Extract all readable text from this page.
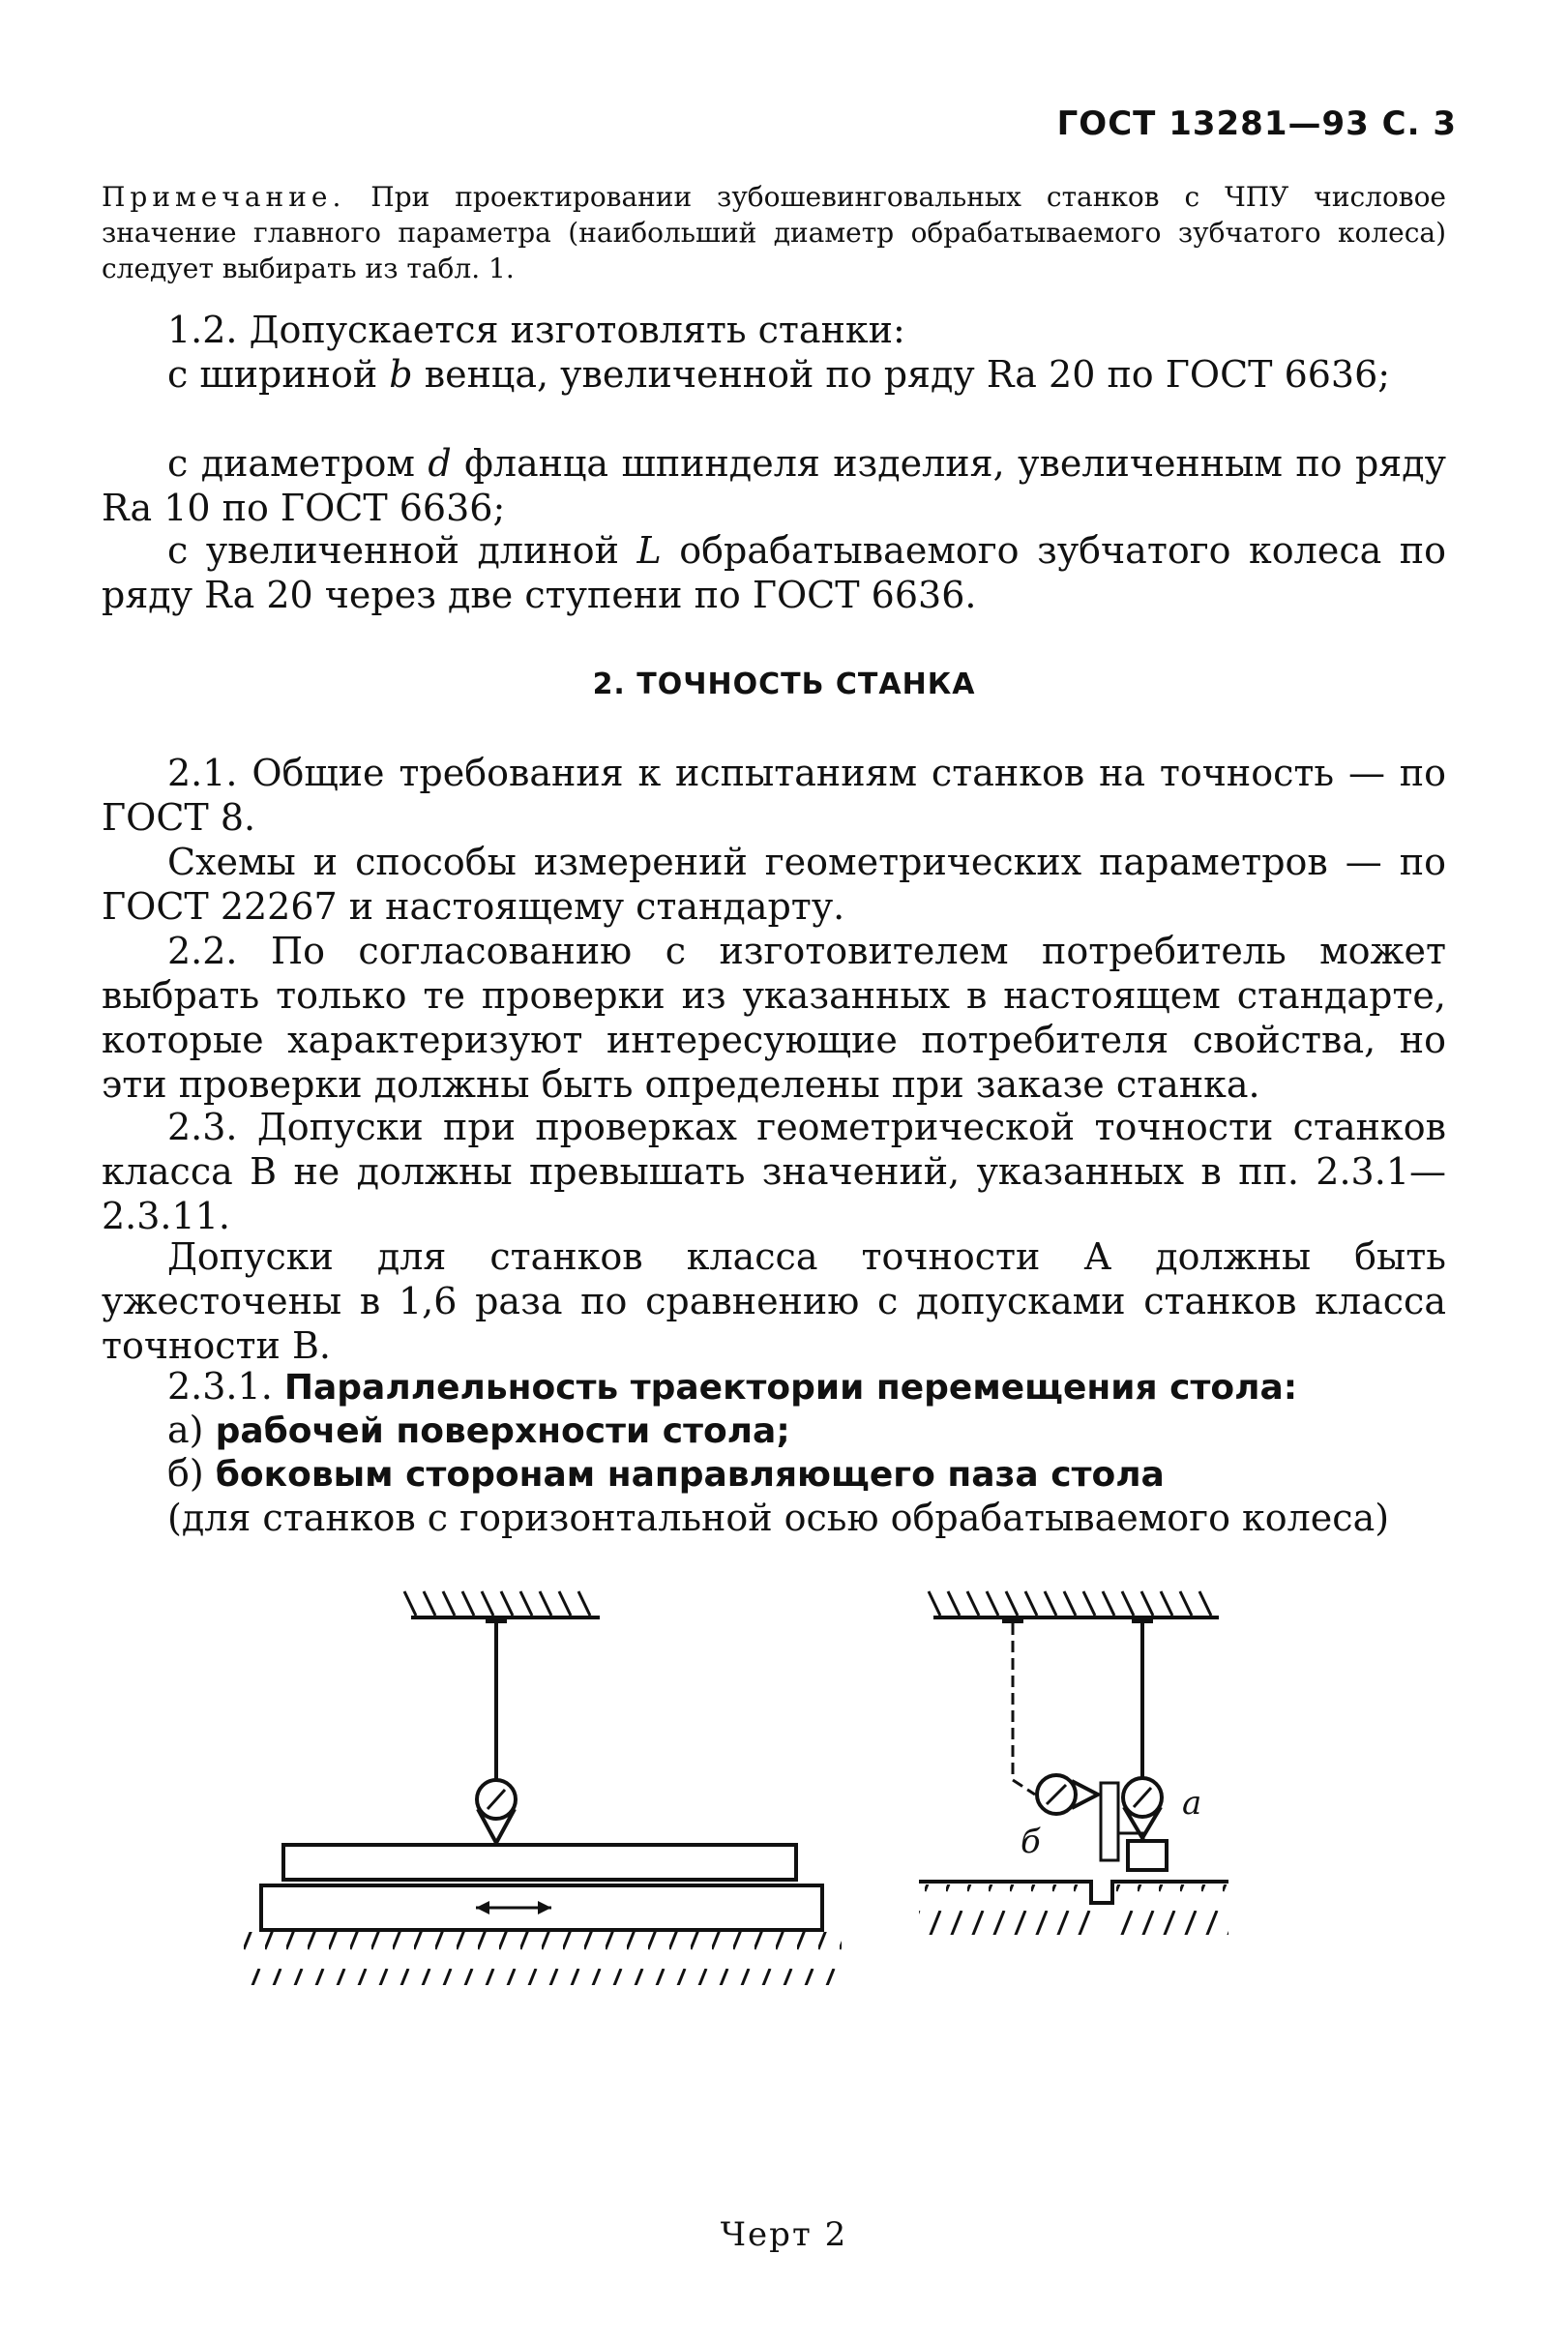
ГОСТ 13281—93 С. 3

Примечание. При проектировании зубошевинговальных станков с ЧПУ числовое значение главного параметра (наибольший диаметр обрабатываемого зубчатого колеса) следует выбирать из табл. 1.

1.2. Допускается изготовлять станки:
с шириной b венца, увеличенной по ряду Ra 20 по ГОСТ 6636;
с диаметром d фланца шпинделя изделия, увеличенным по ряду Ra 10 по ГОСТ 6636;
с увеличенной длиной L обрабатываемого зубчатого колеса по ряду Ra 20 через две ступени по ГОСТ 6636.
2. ТОЧНОСТЬ СТАНКА
2.1. Общие требования к испытаниям станков на точность — по ГОСТ 8.
Схемы и способы измерений геометрических параметров — по ГОСТ 22267 и настоящему стандарту.
2.2. По согласованию с изготовителем потребитель может выбрать только те проверки из указанных в настоящем стандарте, которые характеризуют интересующие потребителя свойства, но эти проверки должны быть определены при заказе станка.
2.3. Допуски при проверках геометрической точности станков класса В не должны превышать значений, указанных в пп. 2.3.1—2.3.11.
Допуски для станков класса точности А должны быть ужесточены в 1,6 раза по сравнению с допусками станков класса точности В.
2.3.1. Параллельность траектории перемещения стола:
а) рабочей поверхности стола;
б) боковым сторонам направляющего паза стола
(для станков с горизонтальной осью обрабатываемого колеса)
б
а
Черт 2
